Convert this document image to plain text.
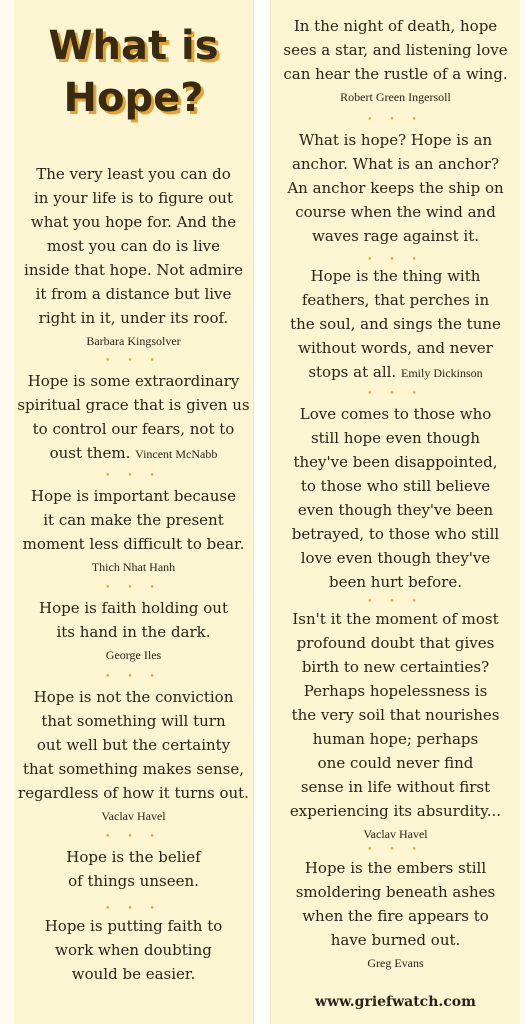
What is
Hope?

The very least you can do
in your life is to figure out
what you hope for. And the
most you can do is live
inside that hope. Not admire
it from a distance but live
right in it, under its roof.

Barbara Kingsolver
• • •

Hope is some extraordinary
spiritual grace that is given us
to control our fears, not to
oust them. Vincent McNabb

• • •

Hope is important because
it can make the present
moment less difficult to bear.

Thich Nhat Hanh
• • •

Hope is faith holding out
its hand in the dark.

George Iles
• • •

Hope is not the conviction
that something will turn
out well but the certainty
that something makes sense,
regardless of how it turns out.

Vaclav Havel
• • •

Hope is the belief
of things unseen.

• • •

Hope is putting faith to
work when doubting
would be easier.

In the night of death, hope
sees a star, and listening love
can hear the rustle of a wing.

Robert Green Ingersoll
• • •

What is hope? Hope is an
anchor. What is an anchor?
An anchor keeps the ship on
course when the wind and
waves rage against it.

• • •

Hope is the thing with
feathers, that perches in
the soul, and sings the tune
without words, and never
stops at all. Emily Dickinson

• • •

Love comes to those who
still hope even though
they've been disappointed,
to those who still believe
even though they've been
betrayed, to those who still
love even though they've
been hurt before.

• • •

Isn't it the moment of most
profound doubt that gives
birth to new certainties?
Perhaps hopelessness is
the very soil that nourishes
human hope; perhaps
one could never find
sense in life without first
experiencing its absurdity...

Vaclav Havel
• • •

Hope is the embers still
smoldering beneath ashes
when the fire appears to
have burned out.

Greg Evans
www.griefwatch.com
